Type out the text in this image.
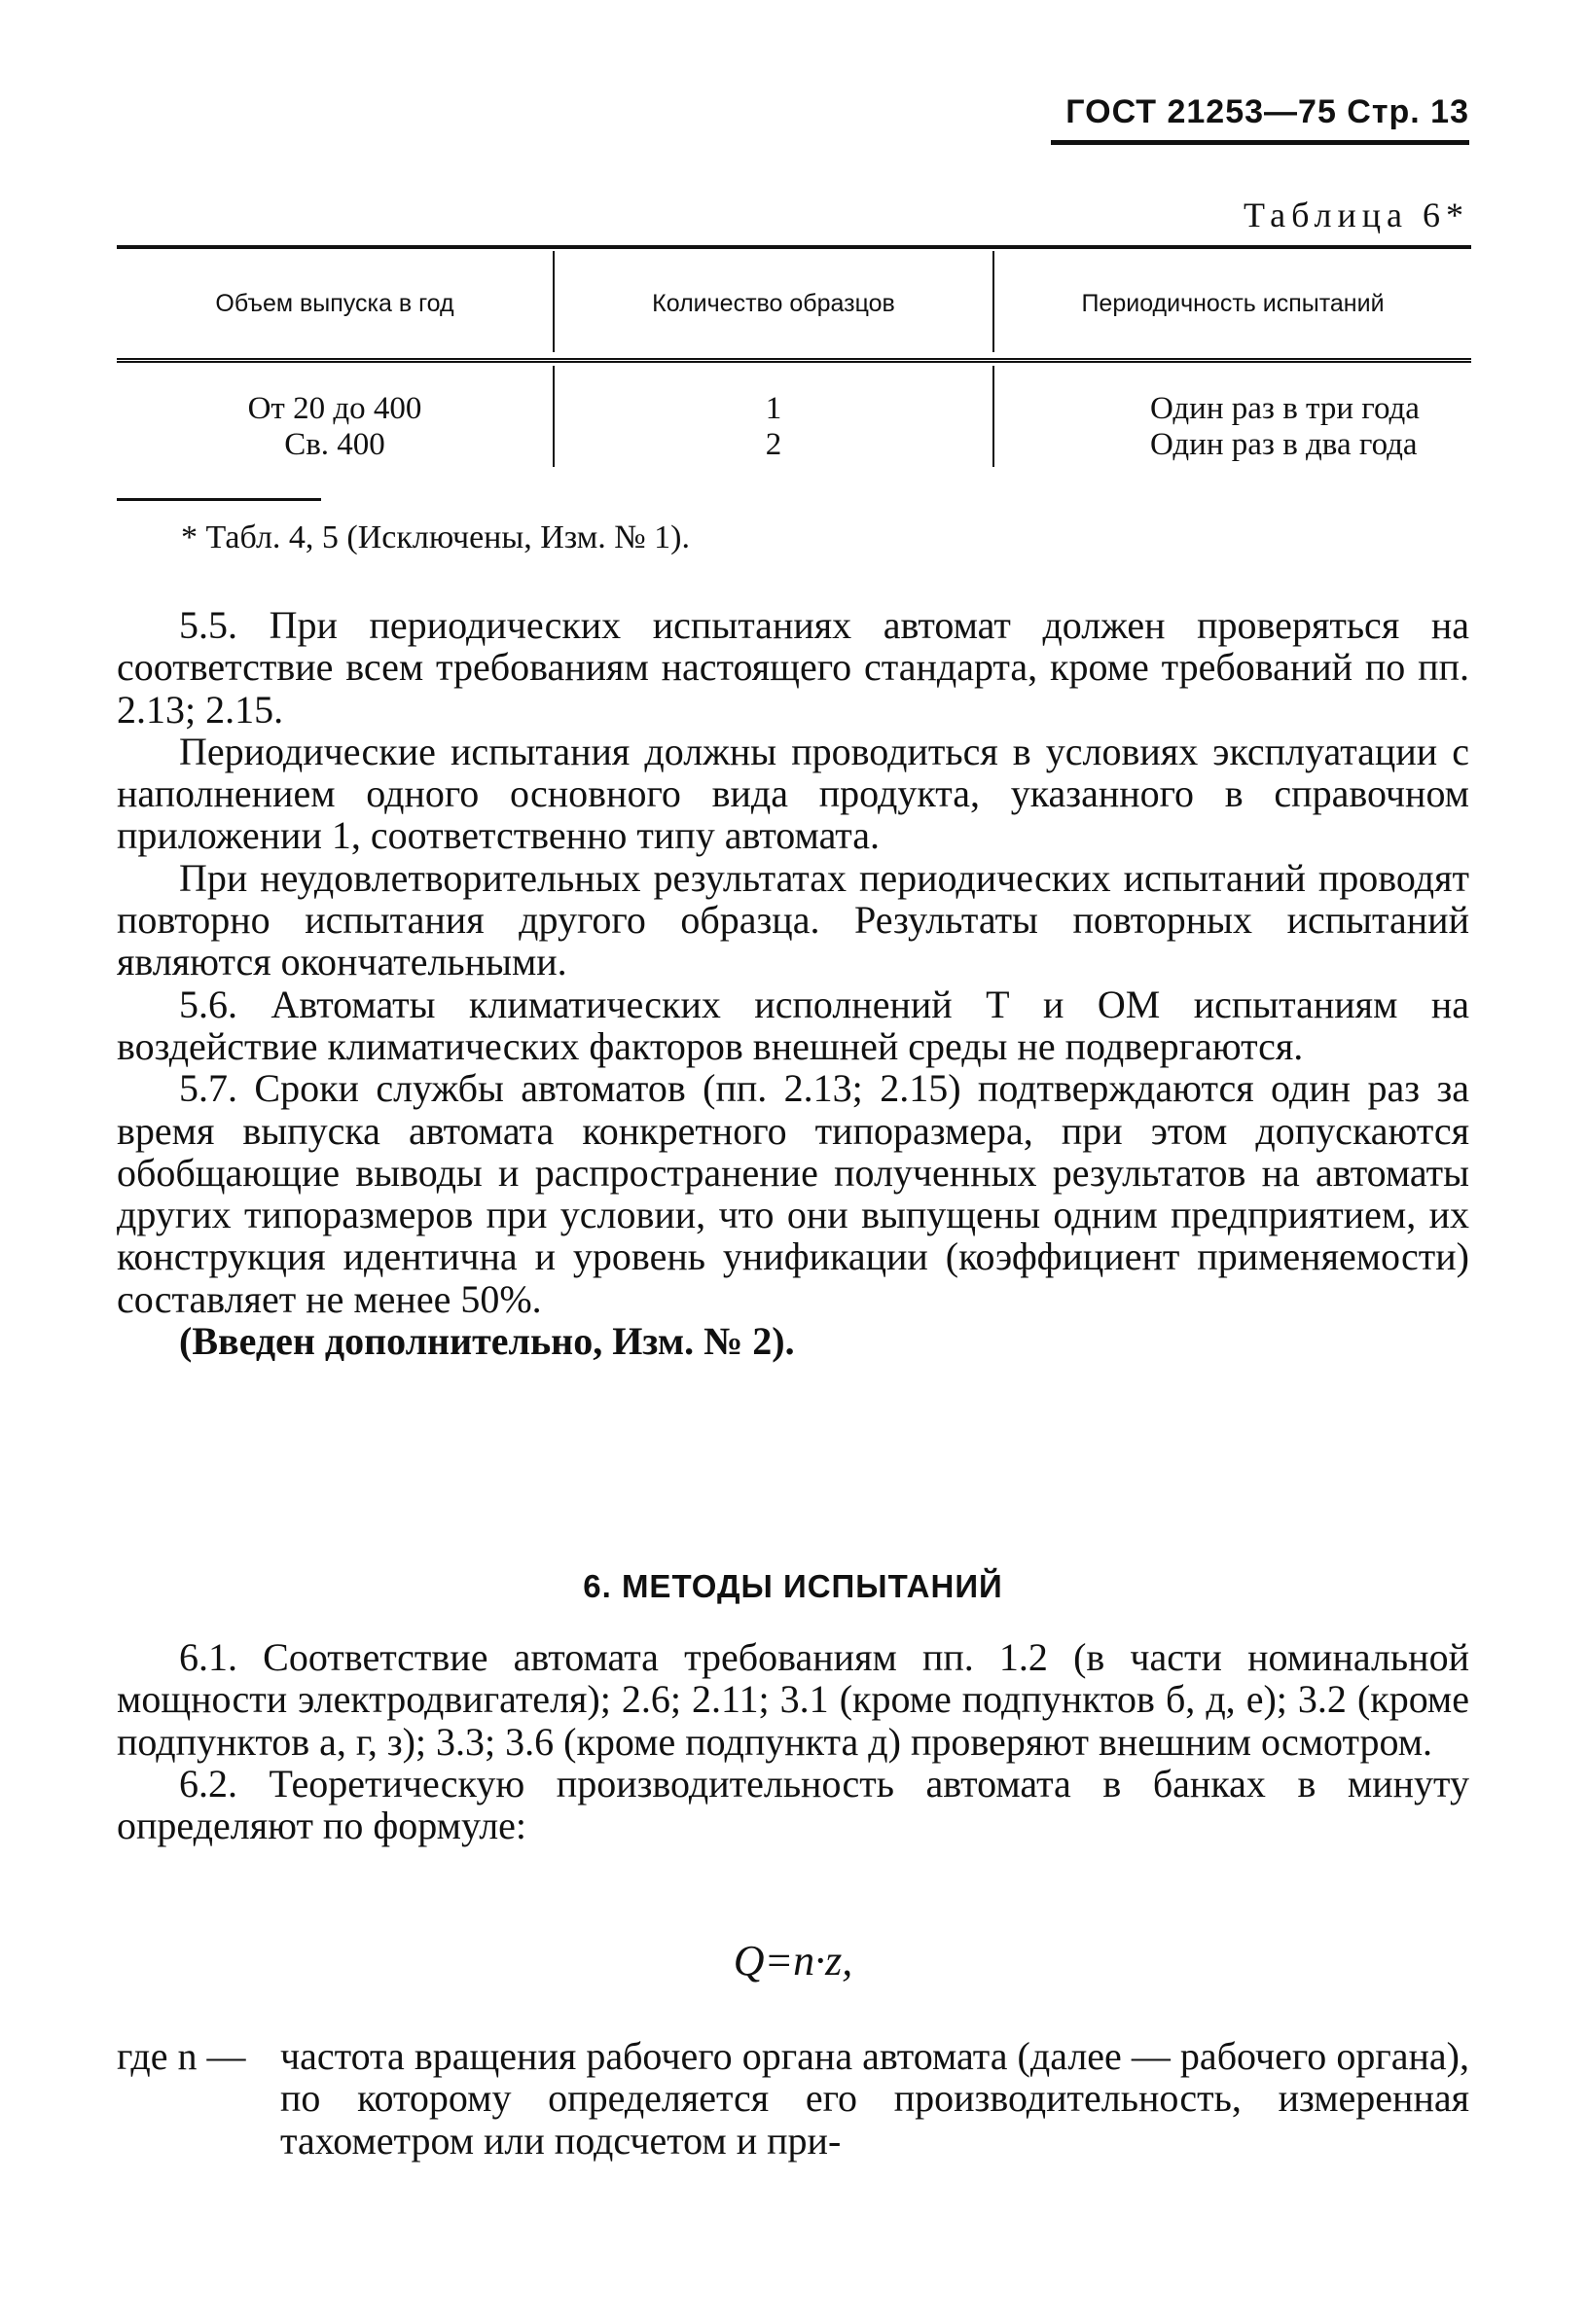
ГОСТ 21253—75 Стр. 13
Таблица 6*
Объем выпуска в год	Количество образцов	Периодичность испытаний
От 20 до 400
Св. 400
1
2
Один раз в три года
Один раз в два года
* Табл. 4, 5 (Исключены, Изм. № 1).

5.5. При периодических испытаниях автомат должен проверяться на соответствие всем требованиям настоящего стандарта, кроме требований по пп. 2.13; 2.15.

Периодические испытания должны проводиться в условиях эксплуатации с наполнением одного основного вида продукта, указанного в справочном приложении 1, соответственно типу автомата.

При неудовлетворительных результатах периодических испытаний проводят повторно испытания другого образца. Результаты повторных испытаний являются окончательными.

5.6. Автоматы климатических исполнений Т и ОМ испытаниям на воздействие климатических факторов внешней среды не подвергаются.

5.7. Сроки службы автоматов (пп. 2.13; 2.15) подтверждаются один раз за время выпуска автомата конкретного типоразмера, при этом допускаются обобщающие выводы и распространение полученных результатов на автоматы других типоразмеров при условии, что они выпущены одним предприятием, их конструкция идентична и уровень унификации (коэффициент применяемости) составляет не менее 50%.

(Введен дополнительно, Изм. № 2).

6. МЕТОДЫ ИСПЫТАНИЙ

6.1. Соответствие автомата требованиям пп. 1.2 (в части номинальной мощности электродвигателя); 2.6; 2.11; 3.1 (кроме подпунктов б, д, е); 3.2 (кроме подпунктов а, г, з); 3.3; 3.6 (кроме подпункта д) проверяют внешним осмотром.

6.2. Теоретическую производительность автомата в банках в минуту определяют по формуле:

Q=n·z,
где n — частота вращения рабочего органа автомата (далее — рабочего органа), по которому определяется его производительность, измеренная тахометром или подсчетом и при-
